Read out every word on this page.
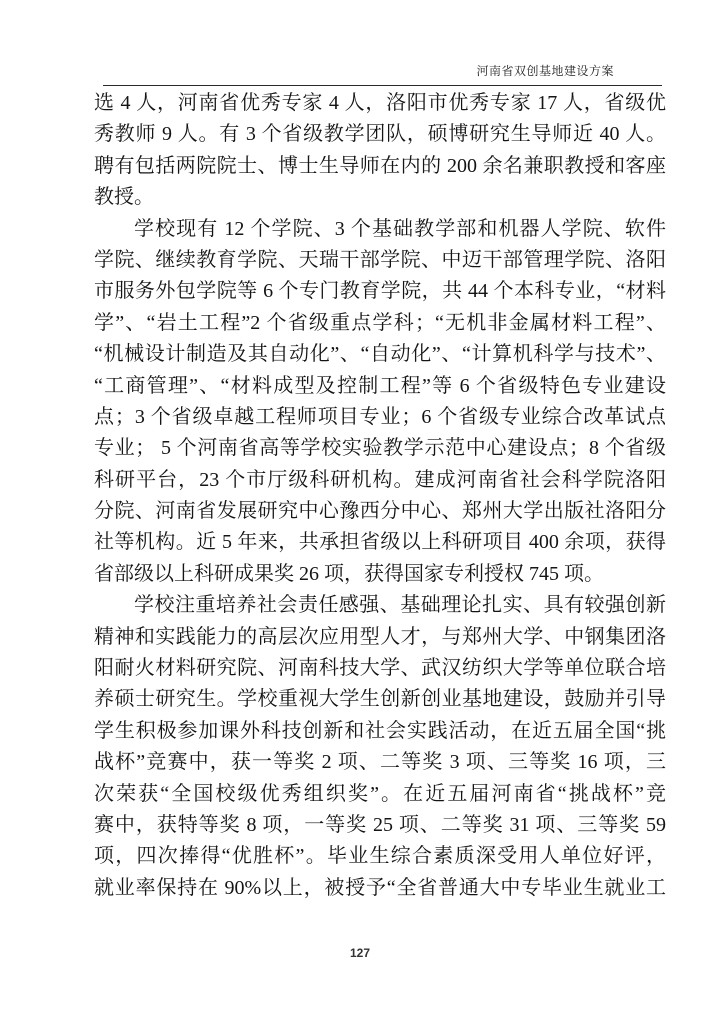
河南省双创基地建设方案
选 4 人，河南省优秀专家 4 人，洛阳市优秀专家 17 人，省级优
秀教师 9 人。有 3 个省级教学团队，硕博研究生导师近 40 人。
聘有包括两院院士、博士生导师在内的 200 余名兼职教授和客座
教授。
学校现有 12 个学院、3 个基础教学部和机器人学院、软件
学院、继续教育学院、天瑞干部学院、中迈干部管理学院、洛阳
市服务外包学院等 6 个专门教育学院，共 44 个本科专业，“材料
学”、“岩土工程”2 个省级重点学科；“无机非金属材料工程”、
“机械设计制造及其自动化”、“自动化”、“计算机科学与技术”、
“工商管理”、“材料成型及控制工程”等 6 个省级特色专业建设
点；3 个省级卓越工程师项目专业；6 个省级专业综合改革试点
专业； 5 个河南省高等学校实验教学示范中心建设点；8 个省级
科研平台，23 个市厅级科研机构。建成河南省社会科学院洛阳
分院、河南省发展研究中心豫西分中心、郑州大学出版社洛阳分
社等机构。近 5 年来，共承担省级以上科研项目 400 余项，获得
省部级以上科研成果奖 26 项，获得国家专利授权 745 项。
学校注重培养社会责任感强、基础理论扎实、具有较强创新
精神和实践能力的高层次应用型人才，与郑州大学、中钢集团洛
阳耐火材料研究院、河南科技大学、武汉纺织大学等单位联合培
养硕士研究生。学校重视大学生创新创业基地建设，鼓励并引导
学生积极参加课外科技创新和社会实践活动，在近五届全国“挑
战杯”竞赛中，获一等奖 2 项、二等奖 3 项、三等奖 16 项，三
次荣获“全国校级优秀组织奖”。在近五届河南省“挑战杯”竞
赛中，获特等奖 8 项，一等奖 25 项、二等奖 31 项、三等奖 59
项，四次捧得“优胜杯”。毕业生综合素质深受用人单位好评，
就业率保持在 90%以上，被授予“全省普通大中专毕业生就业工
127
